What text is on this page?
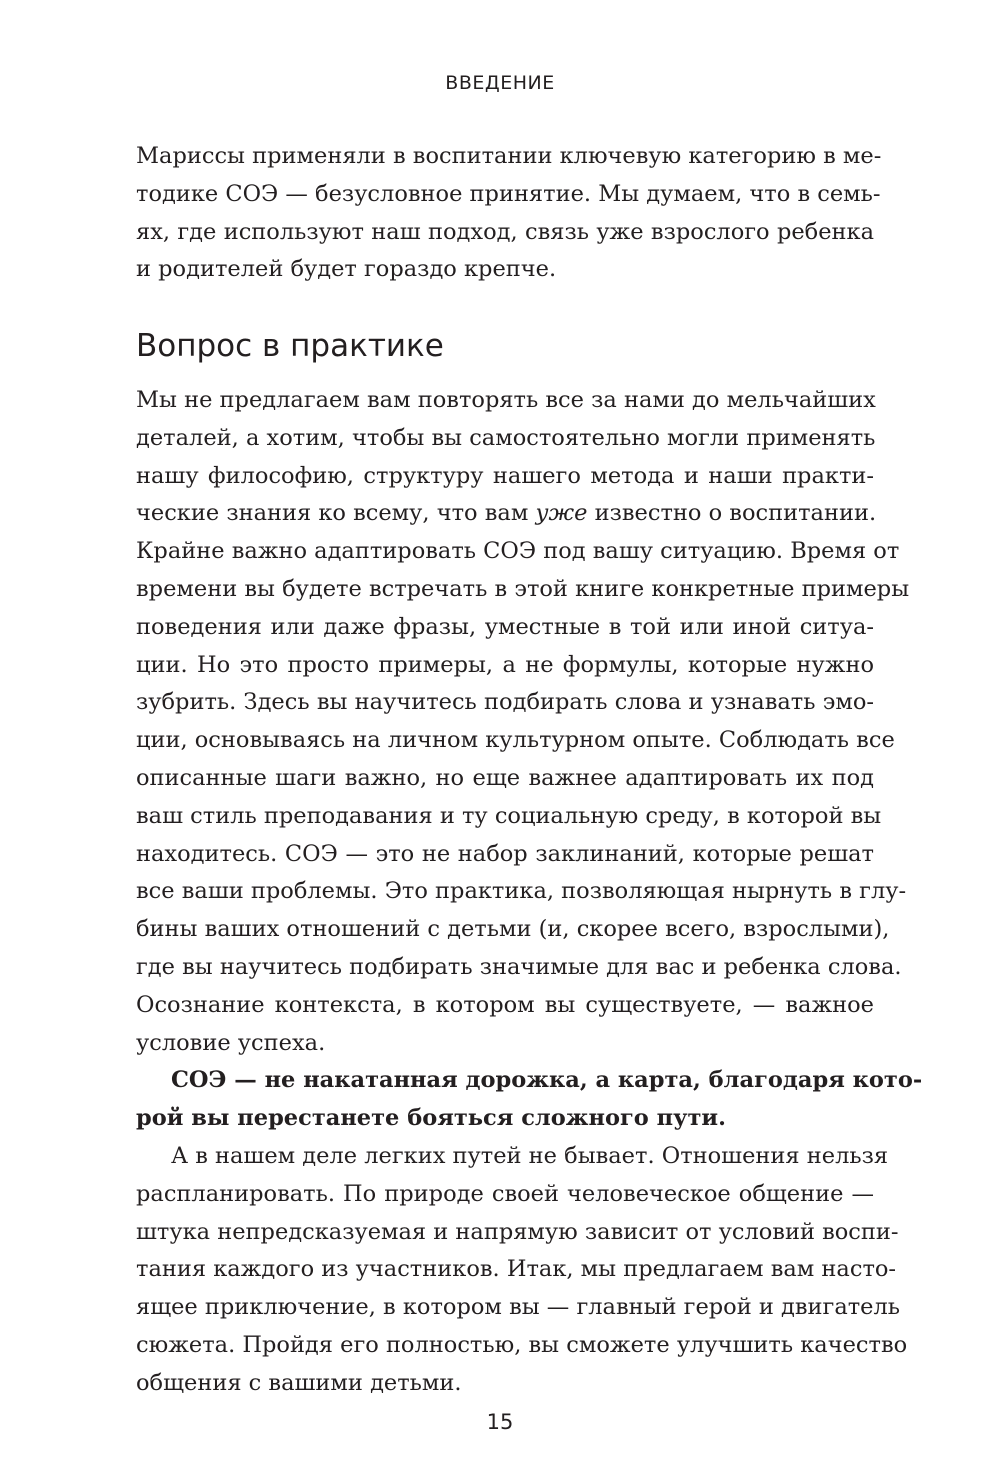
ВВЕДЕНИЕ
Мариссы применяли в воспитании ключевую категорию в ме-
тодике СОЭ — безусловное принятие. Мы думаем, что в семь-
ях, где используют наш подход, связь уже взрослого ребенка
и родителей будет гораздо крепче.
Вопрос в практике
Мы не предлагаем вам повторять все за нами до мельчайших
деталей, а хотим, чтобы вы самостоятельно могли применять
нашу философию, структуру нашего метода и наши практи-
ческие знания ко всему, что вам уже известно о воспитании.
Крайне важно адаптировать СОЭ под вашу ситуацию. Время от
времени вы будете встречать в этой книге конкретные примеры
поведения или даже фразы, уместные в той или иной ситуа-
ции. Но это просто примеры, а не формулы, которые нужно
зубрить. Здесь вы научитесь подбирать слова и узнавать эмо-
ции, основываясь на личном культурном опыте. Соблюдать все
описанные шаги важно, но еще важнее адаптировать их под
ваш стиль преподавания и ту социальную среду, в которой вы
находитесь. СОЭ — это не набор заклинаний, которые решат
все ваши проблемы. Это практика, позволяющая нырнуть в глу-
бины ваших отношений с детьми (и, скорее всего, взрослыми),
где вы научитесь подбирать значимые для вас и ребенка слова.
Осознание контекста, в котором вы существуете, — важное
условие успеха.
СОЭ — не накатанная дорожка, а карта, благодаря кото-
рой вы перестанете бояться сложного пути.
А в нашем деле легких путей не бывает. Отношения нельзя
распланировать. По природе своей человеческое общение —
штука непредсказуемая и напрямую зависит от условий воспи-
тания каждого из участников. Итак, мы предлагаем вам насто-
ящее приключение, в котором вы — главный герой и двигатель
сюжета. Пройдя его полностью, вы сможете улучшить качество
общения с вашими детьми.
15
